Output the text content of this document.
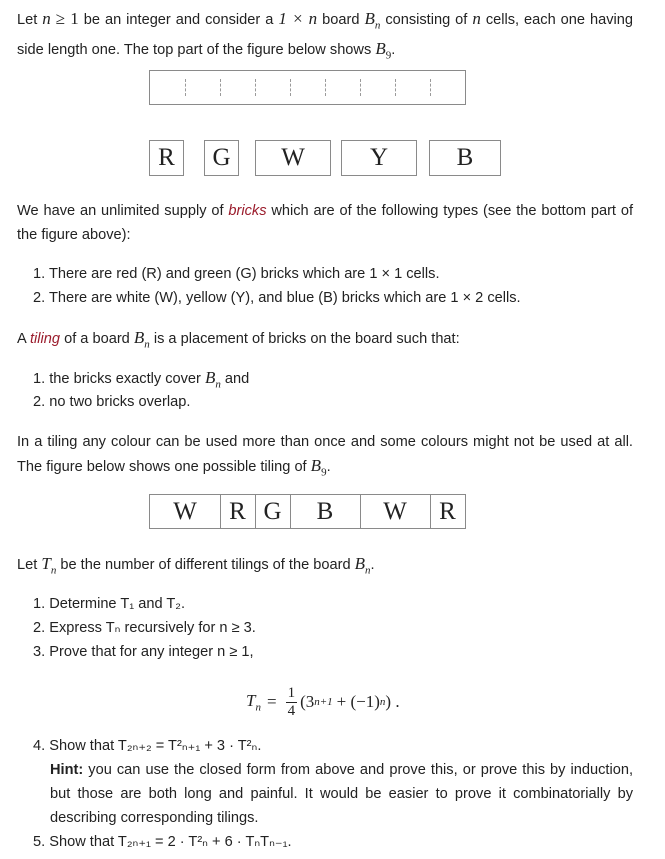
Let n ≥ 1 be an integer and consider a 1 × n board $B_n$ consisting of n cells, each one having side length one. The top part of the figure below shows $B_9$.
R	G	W	Y	B
We have an unlimited supply of bricks which are of the following types (see the bottom part of the figure above):
1. There are red (R) and green (G) bricks which are 1 × 1 cells.
2. There are white (W), yellow (Y), and blue (B) bricks which are 1 × 2 cells.
A tiling of a board $B_n$ is a placement of bricks on the board such that:
1. the bricks exactly cover $B_n$ and
2. no two bricks overlap.
In a tiling any colour can be used more than once and some colours might not be used at all. The figure below shows one possible tiling of $B_9$.
W	R G	B	W	R
Let $T_n$ be the number of different tilings of the board $B_n$.
1. Determine T₁ and T₂.
2. Express Tₙ recursively for n ≥ 3.
3. Prove that for any integer n ≥ 1,
$T_n = \frac{1}{4} (3$ n+1 + (−1) n ) .
4. Show that T₂ₙ₊₂ = T²ₙ₊₁ + 3 · T²ₙ.
Hint: you can use the closed form from above and prove this, or prove this by induction, but those are both long and painful. It would be easier to prove it combinatorially by describing corresponding tilings.
5. Show that T₂ₙ₊₁ = 2 · T²ₙ + 6 · TₙTₙ₋₁.
